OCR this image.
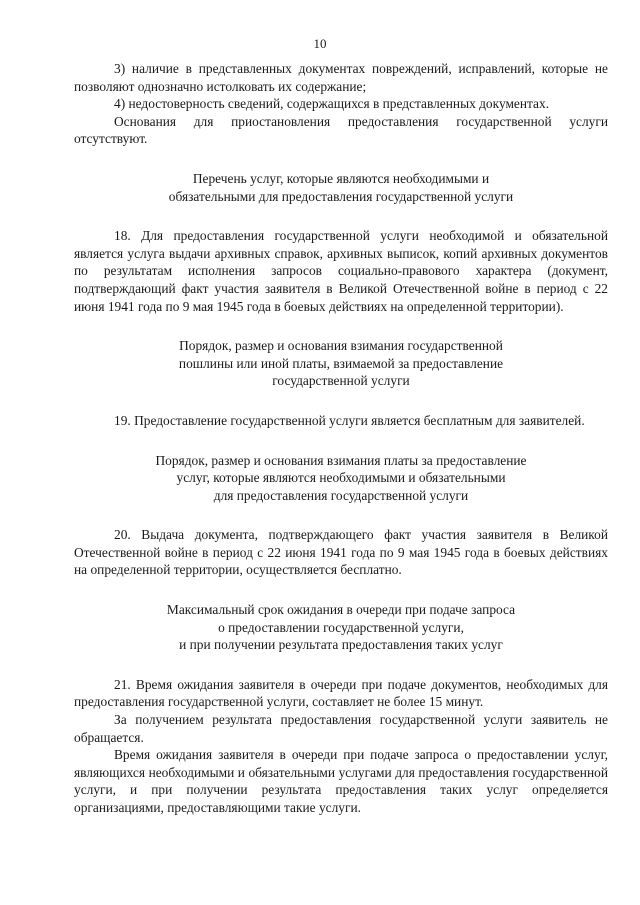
10

3) наличие в представленных документах повреждений, исправлений, которые не позволяют однозначно истолковать их содержание;

4) недостоверность сведений, содержащихся в представленных документах.

Основания для приостановления предоставления государственной услуги отсутствуют.

Перечень услуг, которые являются необходимыми и
обязательными для предоставления государственной услуги

18. Для предоставления государственной услуги необходимой и обязательной является услуга выдачи архивных справок, архивных выписок, копий архивных документов по результатам исполнения запросов социально-правового характера (документ, подтверждающий факт участия заявителя в Великой Отечественной войне в период с 22 июня 1941 года по 9 мая 1945 года в боевых действиях на определенной территории).

Порядок, размер и основания взимания государственной
пошлины или иной платы, взимаемой за предоставление
государственной услуги

19. Предоставление государственной услуги является бесплатным для заявителей.

Порядок, размер и основания взимания платы за предоставление
услуг, которые являются необходимыми и обязательными
для предоставления государственной услуги

20. Выдача документа, подтверждающего факт участия заявителя в Великой Отечественной войне в период с 22 июня 1941 года по 9 мая 1945 года в боевых действиях на определенной территории, осуществляется бесплатно.

Максимальный срок ожидания в очереди при подаче запроса
о предоставлении государственной услуги,
и при получении результата предоставления таких услуг

21. Время ожидания заявителя в очереди при подаче документов, необходимых для предоставления государственной услуги, составляет не более 15 минут.

За получением результата предоставления государственной услуги заявитель не обращается.

Время ожидания заявителя в очереди при подаче запроса о предоставлении услуг, являющихся необходимыми и обязательными услугами для предоставления государственной услуги, и при получении результата предоставления таких услуг определяется организациями, предоставляющими такие услуги.
